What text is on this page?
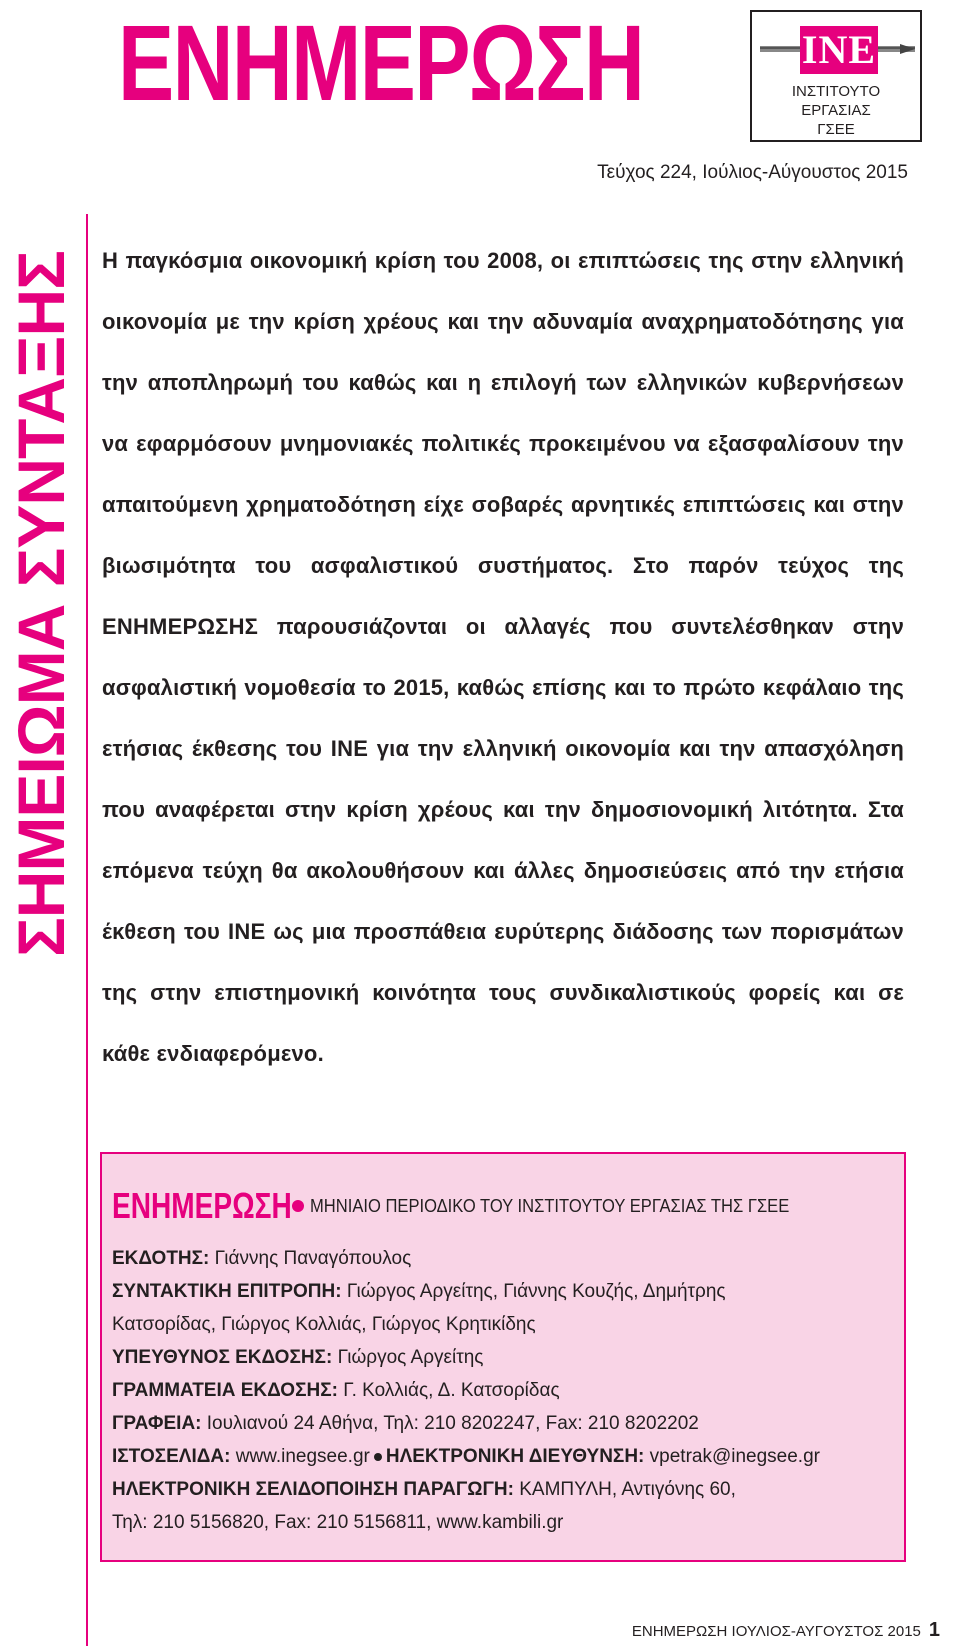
ΕΝΗΜΕΡΩΣΗ	INE
ΙΝΣΤΙΤΟΥΤΟ
ΕΡΓΑΣΙΑΣ
ΓΣΕΕ
Τεύχος 224, Ιούλιος-Αύγουστος 2015
ΣΗΜΕΙΩΜΑ ΣΥΝΤΑΞΗΣ Η παγκόσμια οικονομική κρίση του 2008, οι επιπτώσεις της στην ελληνική οικονομία με την κρίση χρέους και την αδυναμία αναχρηματοδότησης για την αποπληρωμή του καθώς και η επιλογή των ελληνικών κυβερνήσεων να εφαρμόσουν μνημονιακές πολιτικές προκειμένου να εξασφαλίσουν την απαιτούμενη χρηματοδότηση είχε σοβαρές αρνητικές επιπτώσεις και στην βιωσιμότητα του ασφαλιστικού συστήματος. Στο παρόν τεύχος της ΕΝΗΜΕΡΩΣΗΣ παρουσιάζονται οι αλλαγές που συντελέσθηκαν στην ασφαλιστική νομοθεσία το 2015, καθώς επίσης και το πρώτο κεφάλαιο της ετήσιας έκθεσης του ΙΝΕ για την ελληνική οικονομία και την απασχόληση που αναφέρεται στην κρίση χρέους και την δημοσιονομική λιτότητα. Στα επόμενα τεύχη θα ακολουθήσουν και άλλες δημοσιεύσεις από την ετήσια έκθεση του ΙΝΕ ως μια προσπάθεια ευρύτερης διάδοσης των πορισμάτων της στην επιστημονική κοινότητα τους συνδικαλιστικούς φορείς και σε κάθε ενδιαφερόμενο.

ΕΝΗΜΕΡΩΣΗ ΜΗΝΙΑΙΟ ΠΕΡΙΟΔΙΚΟ ΤΟΥ ΙΝΣΤΙΤΟΥΤΟΥ ΕΡΓΑΣΙΑΣ ΤΗΣ ΓΣΕΕ
ΕΚΔΟΤΗΣ: Γιάννης Παναγόπουλος
ΣΥΝΤΑΚΤΙΚΗ ΕΠΙΤΡΟΠΗ: Γιώργος Αργείτης, Γιάννης Κουζής, Δημήτρης
Κατσορίδας, Γιώργος Κολλιάς, Γιώργος Κρητικίδης
ΥΠΕΥΘΥΝΟΣ ΕΚΔΟΣΗΣ: Γιώργος Αργείτης
ΓΡΑΜΜΑΤΕΙΑ ΕΚΔΟΣΗΣ: Γ. Κολλιάς, Δ. Κατσορίδας
ΓΡΑΦΕΙΑ: Ιουλιανού 24 Αθήνα, Τηλ: 210 8202247, Fax: 210 8202202
ΙΣΤΟΣΕΛΙΔΑ: www.inegsee.gr ΗΛΕΚΤΡΟΝΙΚΗ ΔΙΕΥΘΥΝΣΗ: vpetrak@inegsee.gr
ΗΛΕΚΤΡΟΝΙΚΗ ΣΕΛΙΔΟΠΟΙΗΣΗ ΠΑΡΑΓΩΓΗ: ΚΑΜΠΥΛΗ, Αντιγόνης 60,
Τηλ: 210 5156820, Fax: 210 5156811, www.kambili.gr
ΕΝΗΜΕΡΩΣΗ ΙΟΥΛΙΟΣ-ΑΥΓΟΥΣΤΟΣ 2015 1
